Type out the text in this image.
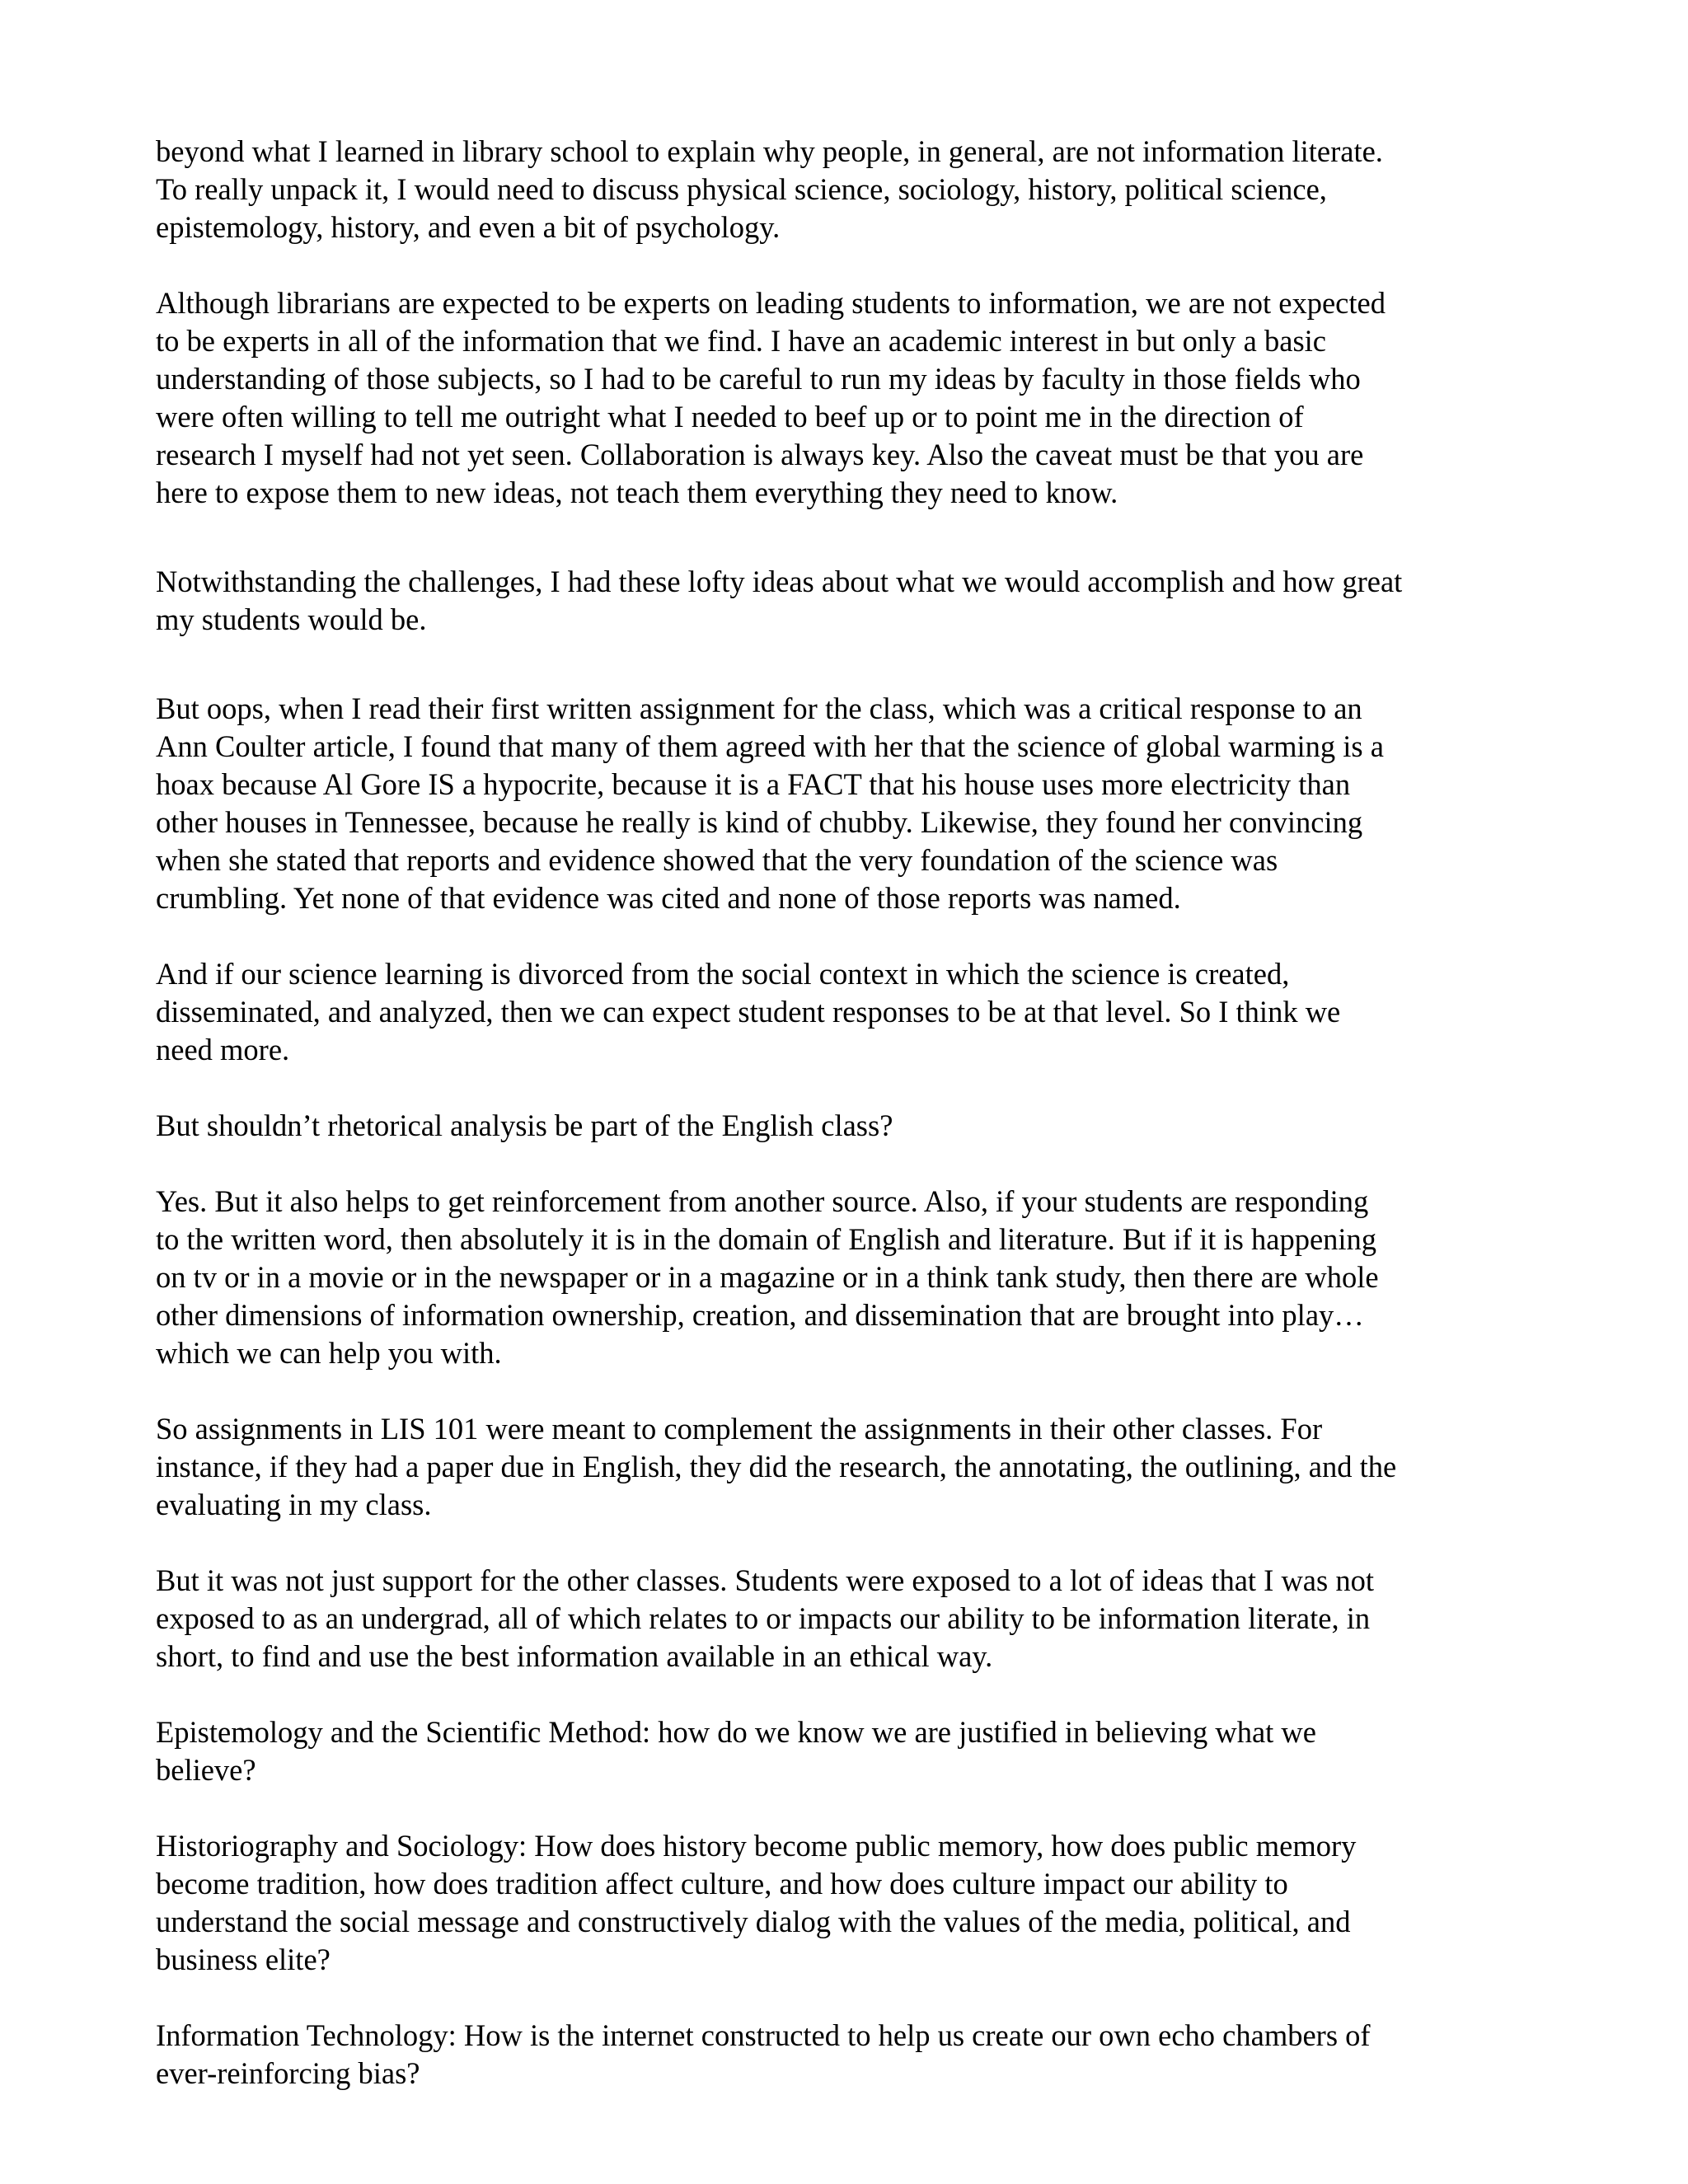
beyond what I learned in library school to explain why people, in general, are not information literate.
To really unpack it, I would need to discuss physical science, sociology, history, political science,
epistemology, history, and even a bit of psychology.

Although librarians are expected to be experts on leading students to information, we are not expected
to be experts in all of the information that we find. I have an academic interest in but only a basic
understanding of those subjects, so I had to be careful to run my ideas by faculty in those fields who
were often willing to tell me outright what I needed to beef up or to point me in the direction of
research I myself had not yet seen. Collaboration is always key. Also the caveat must be that you are
here to expose them to new ideas, not teach them everything they need to know.

Notwithstanding the challenges, I had these lofty ideas about what we would accomplish and how great
my students would be.

But oops, when I read their first written assignment for the class, which was a critical response to an
Ann Coulter article, I found that many of them agreed with her that the science of global warming is a
hoax because Al Gore IS a hypocrite, because it is a FACT that his house uses more electricity than
other houses in Tennessee, because he really is kind of chubby. Likewise, they found her convincing
when she stated that reports and evidence showed that the very foundation of the science was
crumbling. Yet none of that evidence was cited and none of those reports was named.

And if our science learning is divorced from the social context in which the science is created,
disseminated, and analyzed, then we can expect student responses to be at that level. So I think we
need more.

But shouldn’t rhetorical analysis be part of the English class?

Yes. But it also helps to get reinforcement from another source. Also, if your students are responding
to the written word, then absolutely it is in the domain of English and literature. But if it is happening
on tv or in a movie or in the newspaper or in a magazine or in a think tank study, then there are whole
other dimensions of information ownership, creation, and dissemination that are brought into play…
which we can help you with.

So assignments in LIS 101 were meant to complement the assignments in their other classes. For
instance, if they had a paper due in English, they did the research, the annotating, the outlining, and the
evaluating in my class.

But it was not just support for the other classes. Students were exposed to a lot of ideas that I was not
exposed to as an undergrad, all of which relates to or impacts our ability to be information literate, in
short, to find and use the best information available in an ethical way.

Epistemology and the Scientific Method: how do we know we are justified in believing what we
believe?

Historiography and Sociology: How does history become public memory, how does public memory
become tradition, how does tradition affect culture, and how does culture impact our ability to
understand the social message and constructively dialog with the values of the media, political, and
business elite?

Information Technology: How is the internet constructed to help us create our own echo chambers of
ever-reinforcing bias?
